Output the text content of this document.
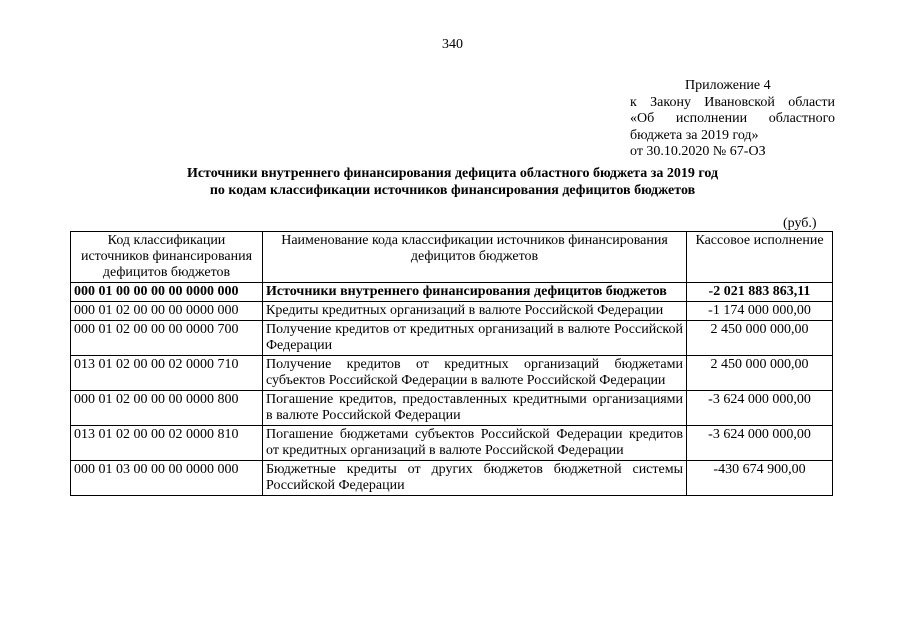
340
Приложение 4
к Закону Ивановской области
«Об исполнении областного
бюджета за 2019 год»
от 30.10.2020 № 67-ОЗ
Источники внутреннего финансирования дефицита областного бюджета за 2019 год
по кодам классификации источников финансирования дефицитов бюджетов
(руб.)
Код классификации источников финансирования дефицитов бюджетов	Наименование кода классификации источников финансирования дефицитов бюджетов	Кассовое исполнение
000 01 00 00 00 00 0000 000	Источники внутреннего финансирования дефицитов бюджетов	-2 021 883 863,11
000 01 02 00 00 00 0000 000	Кредиты кредитных организаций в валюте Российской Федерации	-1 174 000 000,00
000 01 02 00 00 00 0000 700	Получение кредитов от кредитных организаций в валюте Российской Федерации	2 450 000 000,00
013 01 02 00 00 02 0000 710	Получение кредитов от кредитных организаций бюджетами субъектов Российской Федерации в валюте Российской Федерации	2 450 000 000,00
000 01 02 00 00 00 0000 800	Погашение кредитов, предоставленных кредитными организациями в валюте Российской Федерации	-3 624 000 000,00
013 01 02 00 00 02 0000 810	Погашение бюджетами субъектов Российской Федерации кредитов от кредитных организаций в валюте Российской Федерации	-3 624 000 000,00
000 01 03 00 00 00 0000 000	Бюджетные кредиты от других бюджетов бюджетной системы Российской Федерации	-430 674 900,00
